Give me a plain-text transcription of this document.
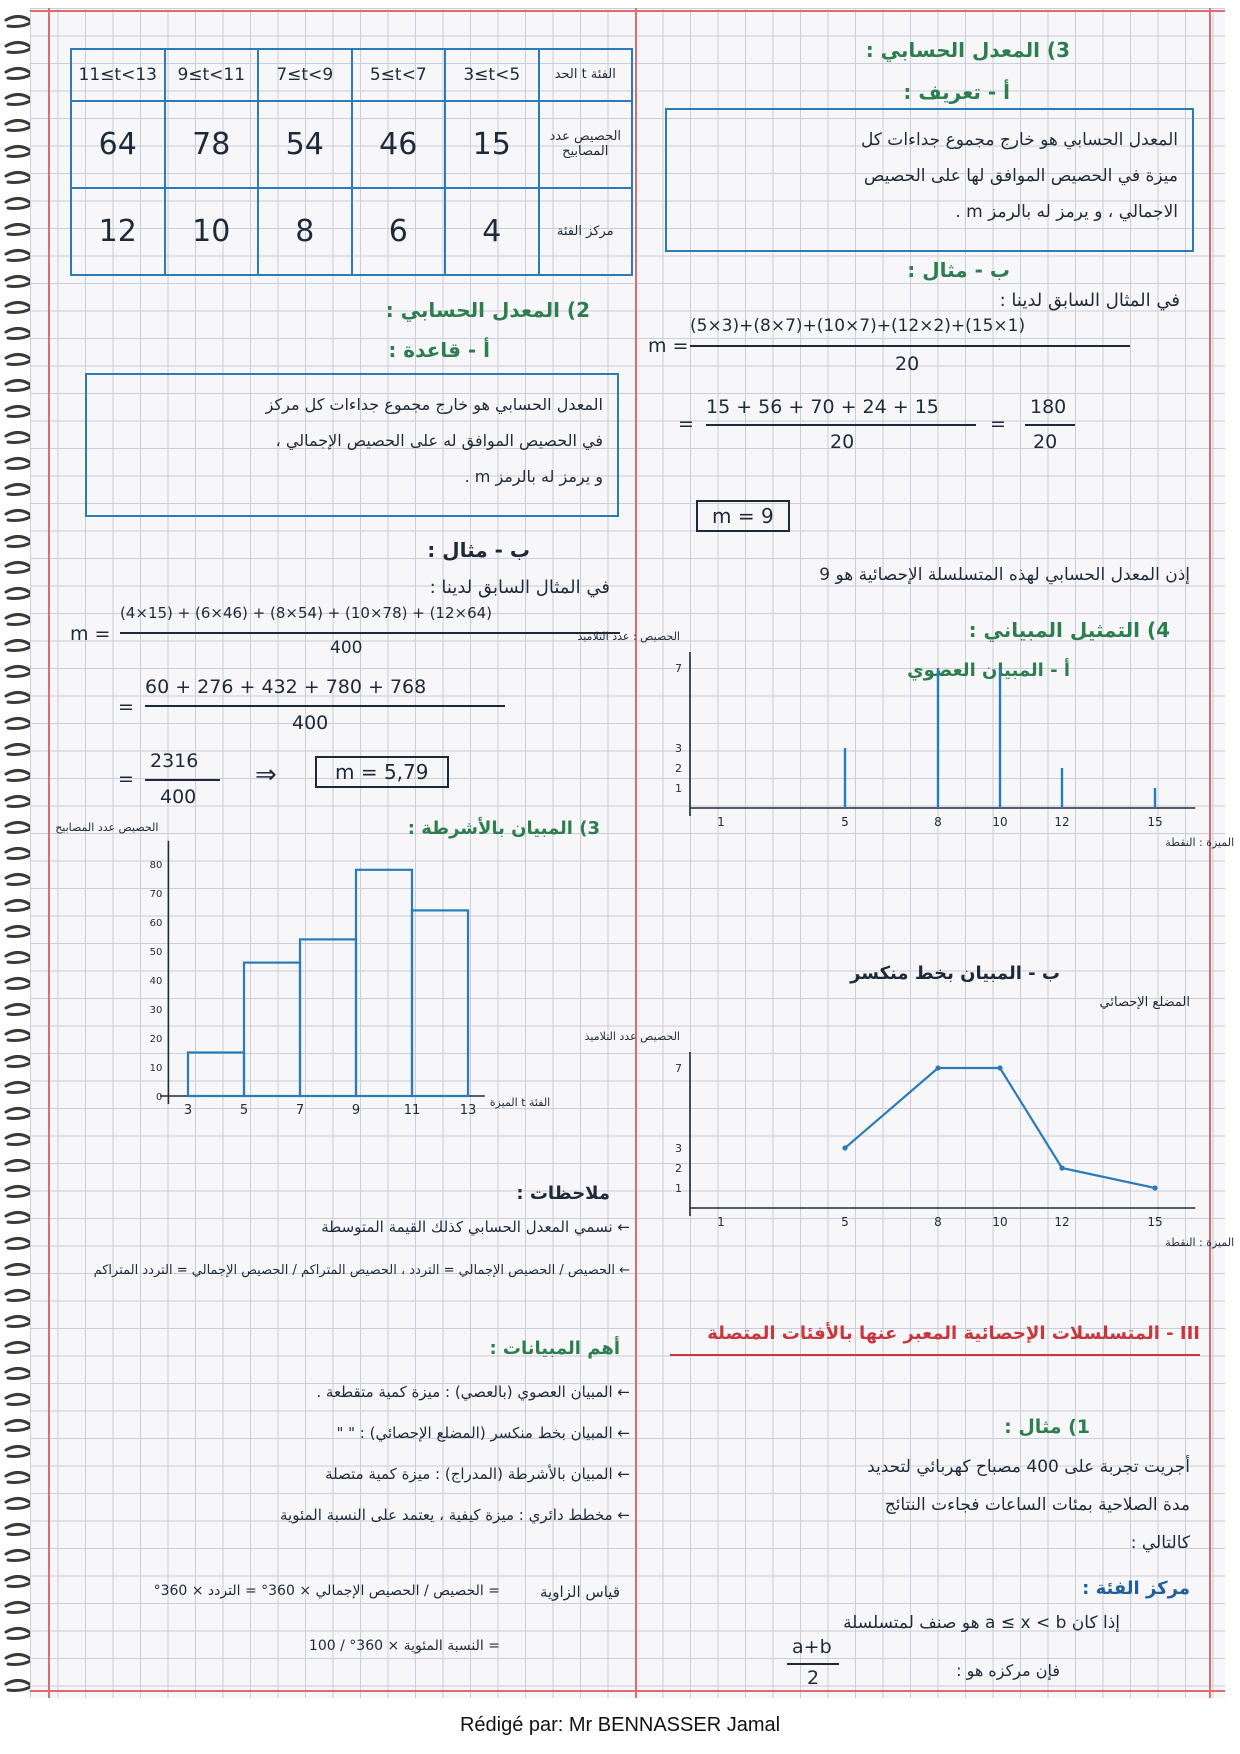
11≤t<13	9≤t<11	7≤t<9	5≤t<7	3≤t<5	الفئة t الحد
64	78	54	46	15	الحصيص عدد المصابيح
12	10	8	6	4	مركز الفئة
3) المعدل الحسابي :
أ - تعريف :
المعدل الحسابي هو خارج مجموع جداءات كل
ميزة في الحصيص الموافق لها على الحصيص
الاجمالي ، و يرمز له بالرمز m .
ب - مثال :
في المثال السابق لدينا :
m =
(5×3)+(8×7)+(10×7)+(12×2)+(15×1)
20
=
15 + 56 + 70 + 24 + 15
20
=
180
20
m = 9
إذن المعدل الحسابي لهذه المتسلسلة الإحصائية هو 9
4) التمثيل المبياني :
أ - المبيان العصوي
1
2
3
7
1	5	8	10	12	15
الحصيص : عدد التلاميذ
الميزة : النقطة
ب - المبيان بخط منكسر
المضلع الإحصائي
1
2
3
7
1	5	8	10	12	15
الحصيص عدد التلاميذ
الميزة : النقطة
III - المتسلسلات الإحصائية المعبر عنها بالأفئات المتصلة
1) مثال :
أجريت تجربة على 400 مصباح كهربائي لتحديد
مدة الصلاحية بمئات الساعات فجاءت النتائج
كالتالي :
مركز الفئة :
إذا كان a ≤ x < b هو صنف لمتسلسلة
فإن مركزه هو :
a+b
2
2) المعدل الحسابي :
أ - قاعدة :
المعدل الحسابي هو خارج مجموع جداءات كل مركز
في الحصيص الموافق له على الحصيص الإجمالي ،
و يرمز له بالرمز m .
ب - مثال :
في المثال السابق لدينا :
m =
(4×15) + (6×46) + (8×54) + (10×78) + (12×64)
400
=
60 + 276 + 432 + 780 + 768
400
=
2316
400
⇒	m = 5,79
3) المبيان بالأشرطة :
0
10
20
30
40
50
60
70
80
3	5	7	9	11	13
الحصيص عدد المصابيح
الميزة t الفئة
ملاحظات :
← نسمي المعدل الحسابي كذلك القيمة المتوسطة
← الحصيص / الحصيص الإجمالي = التردد ، الحصيص المتراكم / الحصيص الإجمالي = التردد المتراكم
أهم المبيانات :
← المبيان العصوي (بالعصي) : ميزة كمية متقطعة .
← المبيان بخط منكسر (المضلع الإحصائي) : " "
← المبيان بالأشرطة (المدراج) : ميزة كمية متصلة
← مخطط دائري : ميزة كيفية ، يعتمد على النسبة المئوية
قياس الزاوية
= الحصيص / الحصيص الإجمالي × 360° = التردد × 360°
= النسبة المئوية × 360° / 100
Rédigé par: Mr BENNASSER Jamal
